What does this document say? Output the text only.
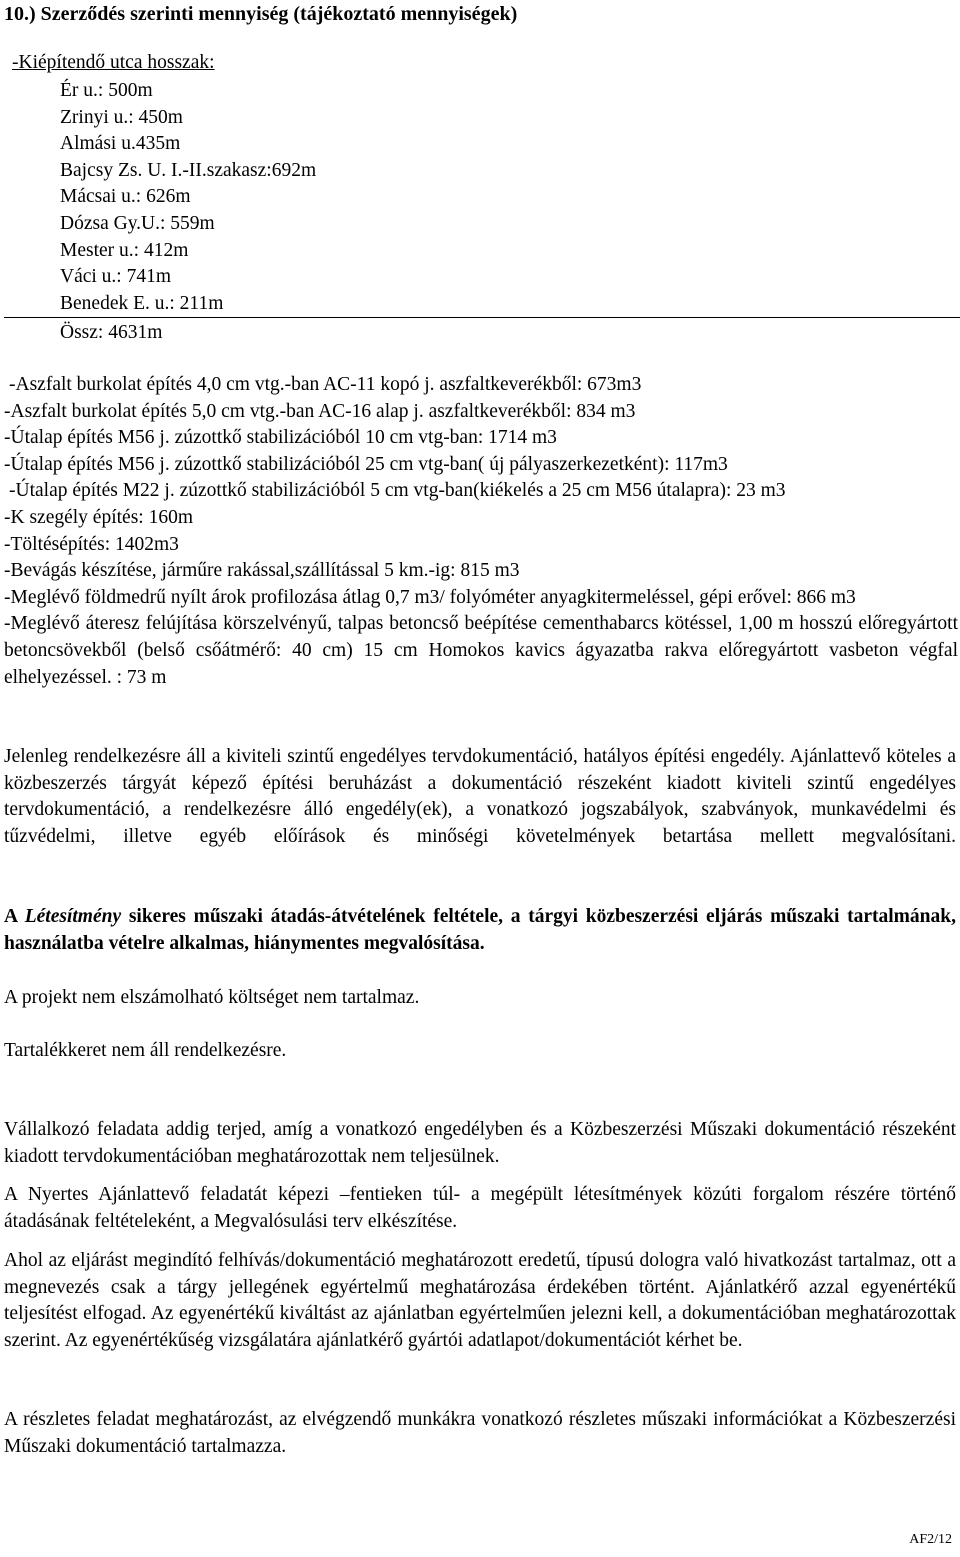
10.) Szerződés szerinti mennyiség (tájékoztató mennyiségek)
-Kiépítendő utca hosszak:
Ér u.: 500m
Zrinyi u.: 450m
Almási u.435m
Bajcsy Zs. U. I.-II.szakasz:692m
Mácsai u.: 626m
Dózsa Gy.U.: 559m
Mester u.: 412m
Váci u.: 741m
Benedek E. u.: 211m
Össz: 4631m
-Aszfalt burkolat építés 4,0 cm vtg.-ban AC-11 kopó j. aszfaltkeverékből: 673m3
-Aszfalt burkolat építés 5,0 cm vtg.-ban AC-16 alap j. aszfaltkeverékből: 834 m3
-Útalap építés M56 j. zúzottkő stabilizációból 10 cm vtg-ban: 1714 m3
-Útalap építés M56 j. zúzottkő stabilizációból 25 cm vtg-ban( új pályaszerkezetként): 117m3
-Útalap építés M22 j. zúzottkő stabilizációból 5 cm vtg-ban(kiékelés a 25 cm M56 útalapra): 23 m3
-K szegély építés: 160m
-Töltésépítés: 1402m3
-Bevágás készítése, járműre rakással,szállítással 5 km.-ig: 815 m3
-Meglévő földmedrű nyílt árok profilozása átlag 0,7 m3/ folyóméter anyagkitermeléssel, gépi erővel: 866 m3
-Meglévő áteresz felújítása körszelvényű, talpas betoncső beépítése cementhabarcs kötéssel, 1,00 m hosszú előregyártott betoncsövekből (belső csőátmérő: 40 cm) 15 cm Homokos kavics ágyazatba rakva előregyártott vasbeton végfal elhelyezéssel. : 73 m
Jelenleg rendelkezésre áll a kiviteli szintű engedélyes tervdokumentáció, hatályos építési engedély. Ajánlattevő köteles a közbeszerzés tárgyát képező építési beruházást a dokumentáció részeként kiadott kiviteli szintű engedélyes tervdokumentáció, a rendelkezésre álló engedély(ek), a vonatkozó jogszabályok, szabványok, munkavédelmi és tűzvédelmi, illetve egyéb előírások és minőségi követelmények betartása mellett megvalósítani.
A Létesítmény sikeres műszaki átadás-átvételének feltétele, a tárgyi közbeszerzési eljárás műszaki tartalmának, használatba vételre alkalmas, hiánymentes megvalósítása.
A projekt nem elszámolható költséget nem tartalmaz.
Tartalékkeret nem áll rendelkezésre.
Vállalkozó feladata addig terjed, amíg a vonatkozó engedélyben és a Közbeszerzési Műszaki dokumentáció részeként kiadott tervdokumentációban meghatározottak nem teljesülnek.
A Nyertes Ajánlattevő feladatát képezi –fentieken túl- a megépült létesítmények közúti forgalom részére történő átadásának feltételeként, a Megvalósulási terv elkészítése.
Ahol az eljárást megindító felhívás/dokumentáció meghatározott eredetű, típusú dologra való hivatkozást tartalmaz, ott a megnevezés csak a tárgy jellegének egyértelmű meghatározása érdekében történt. Ajánlatkérő azzal egyenértékű teljesítést elfogad. Az egyenértékű kiváltást az ajánlatban egyértelműen jelezni kell, a dokumentációban meghatározottak szerint. Az egyenértékűség vizsgálatára ajánlatkérő gyártói adatlapot/dokumentációt kérhet be.
A részletes feladat meghatározást, az elvégzendő munkákra vonatkozó részletes műszaki információkat a Közbeszerzési Műszaki dokumentáció tartalmazza.
AF2/12
